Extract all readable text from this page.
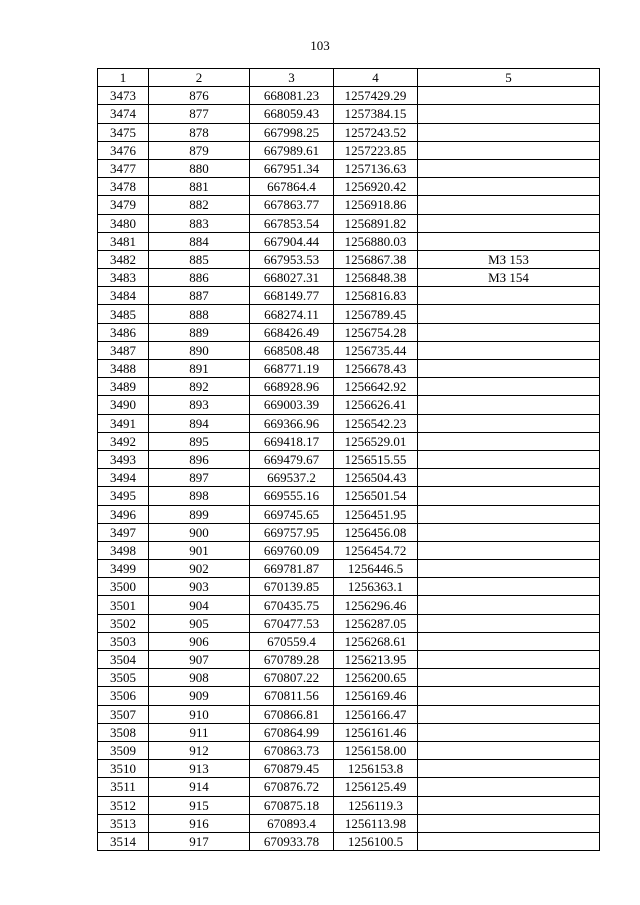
103
1	2	3	4	5
3473	876	668081.23	1257429.29	
3474	877	668059.43	1257384.15	
3475	878	667998.25	1257243.52	
3476	879	667989.61	1257223.85	
3477	880	667951.34	1257136.63	
3478	881	667864.4	1256920.42	
3479	882	667863.77	1256918.86	
3480	883	667853.54	1256891.82	
3481	884	667904.44	1256880.03	
3482	885	667953.53	1256867.38	МЗ 153
3483	886	668027.31	1256848.38	МЗ 154
3484	887	668149.77	1256816.83	
3485	888	668274.11	1256789.45	
3486	889	668426.49	1256754.28	
3487	890	668508.48	1256735.44	
3488	891	668771.19	1256678.43	
3489	892	668928.96	1256642.92	
3490	893	669003.39	1256626.41	
3491	894	669366.96	1256542.23	
3492	895	669418.17	1256529.01	
3493	896	669479.67	1256515.55	
3494	897	669537.2	1256504.43	
3495	898	669555.16	1256501.54	
3496	899	669745.65	1256451.95	
3497	900	669757.95	1256456.08	
3498	901	669760.09	1256454.72	
3499	902	669781.87	1256446.5	
3500	903	670139.85	1256363.1	
3501	904	670435.75	1256296.46	
3502	905	670477.53	1256287.05	
3503	906	670559.4	1256268.61	
3504	907	670789.28	1256213.95	
3505	908	670807.22	1256200.65	
3506	909	670811.56	1256169.46	
3507	910	670866.81	1256166.47	
3508	911	670864.99	1256161.46	
3509	912	670863.73	1256158.00	
3510	913	670879.45	1256153.8	
3511	914	670876.72	1256125.49	
3512	915	670875.18	1256119.3	
3513	916	670893.4	1256113.98	
3514	917	670933.78	1256100.5	
